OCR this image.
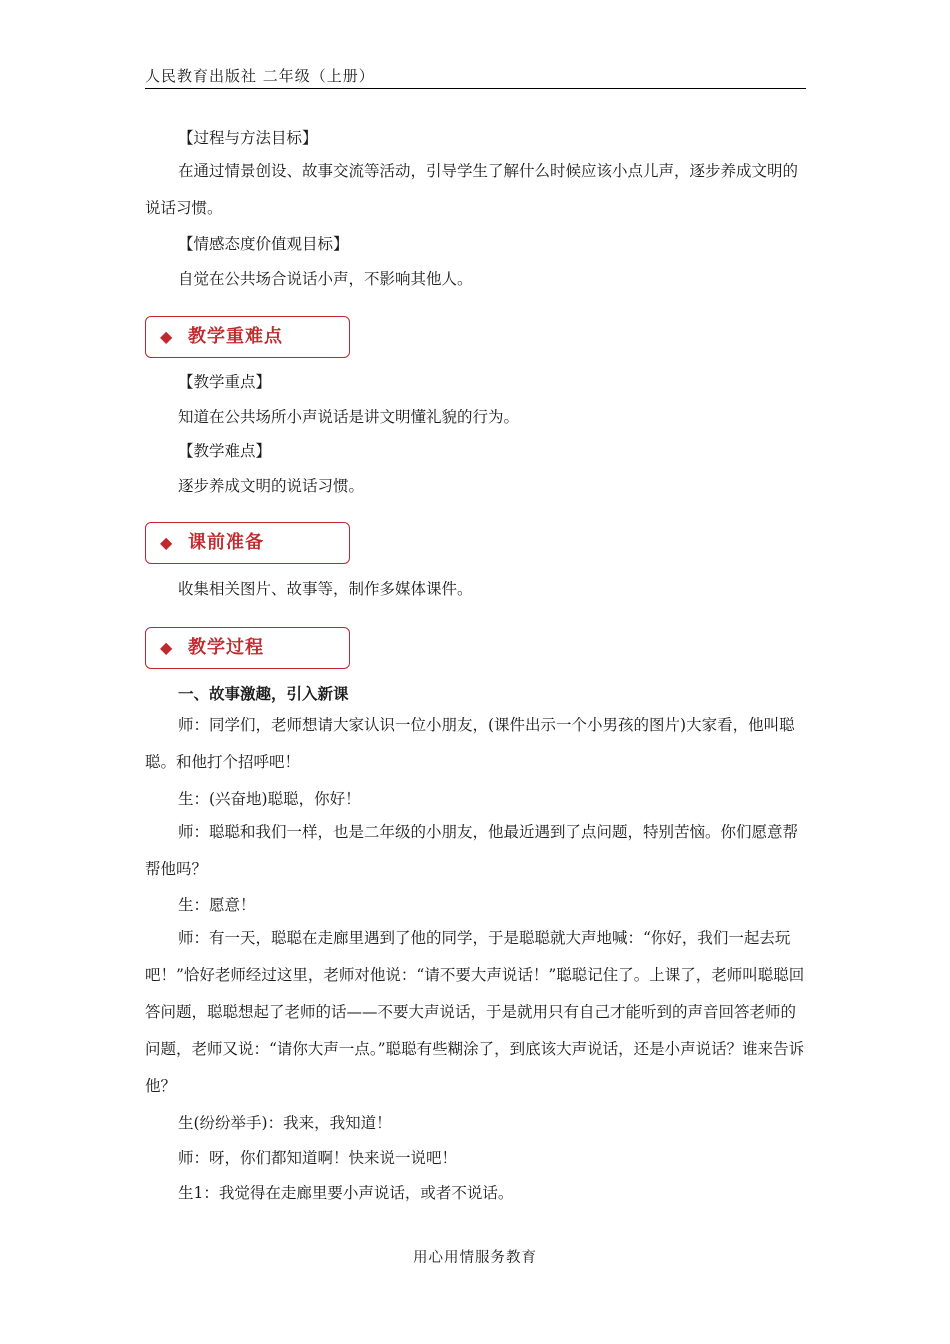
人民教育出版社 二年级（上册）
【过程与方法目标】
在通过情景创设、故事交流等活动，引导学生了解什么时候应该小点儿声，逐步养成文明的说话习惯。
【情感态度价值观目标】
自觉在公共场合说话小声，不影响其他人。
◆ 教学重难点
【教学重点】
知道在公共场所小声说话是讲文明懂礼貌的行为。
【教学难点】
逐步养成文明的说话习惯。
◆ 课前准备
收集相关图片、故事等，制作多媒体课件。
◆ 教学过程
一、故事激趣，引入新课
师：同学们，老师想请大家认识一位小朋友，(课件出示一个小男孩的图片)大家看，他叫聪聪。和他打个招呼吧！
生：(兴奋地)聪聪，你好！
师：聪聪和我们一样，也是二年级的小朋友，他最近遇到了点问题，特别苦恼。你们愿意帮帮他吗？
生：愿意！
师：有一天，聪聪在走廊里遇到了他的同学，于是聪聪就大声地喊：“你好，我们一起去玩吧！”恰好老师经过这里，老师对他说：“请不要大声说话！”聪聪记住了。上课了，老师叫聪聪回答问题，聪聪想起了老师的话——不要大声说话，于是就用只有自己才能听到的声音回答老师的问题，老师又说：“请你大声一点。”聪聪有些糊涂了，到底该大声说话，还是小声说话？谁来告诉他？
生(纷纷举手)：我来，我知道！
师：呀，你们都知道啊！快来说一说吧！
生1：我觉得在走廊里要小声说话，或者不说话。
用心用情服务教育
